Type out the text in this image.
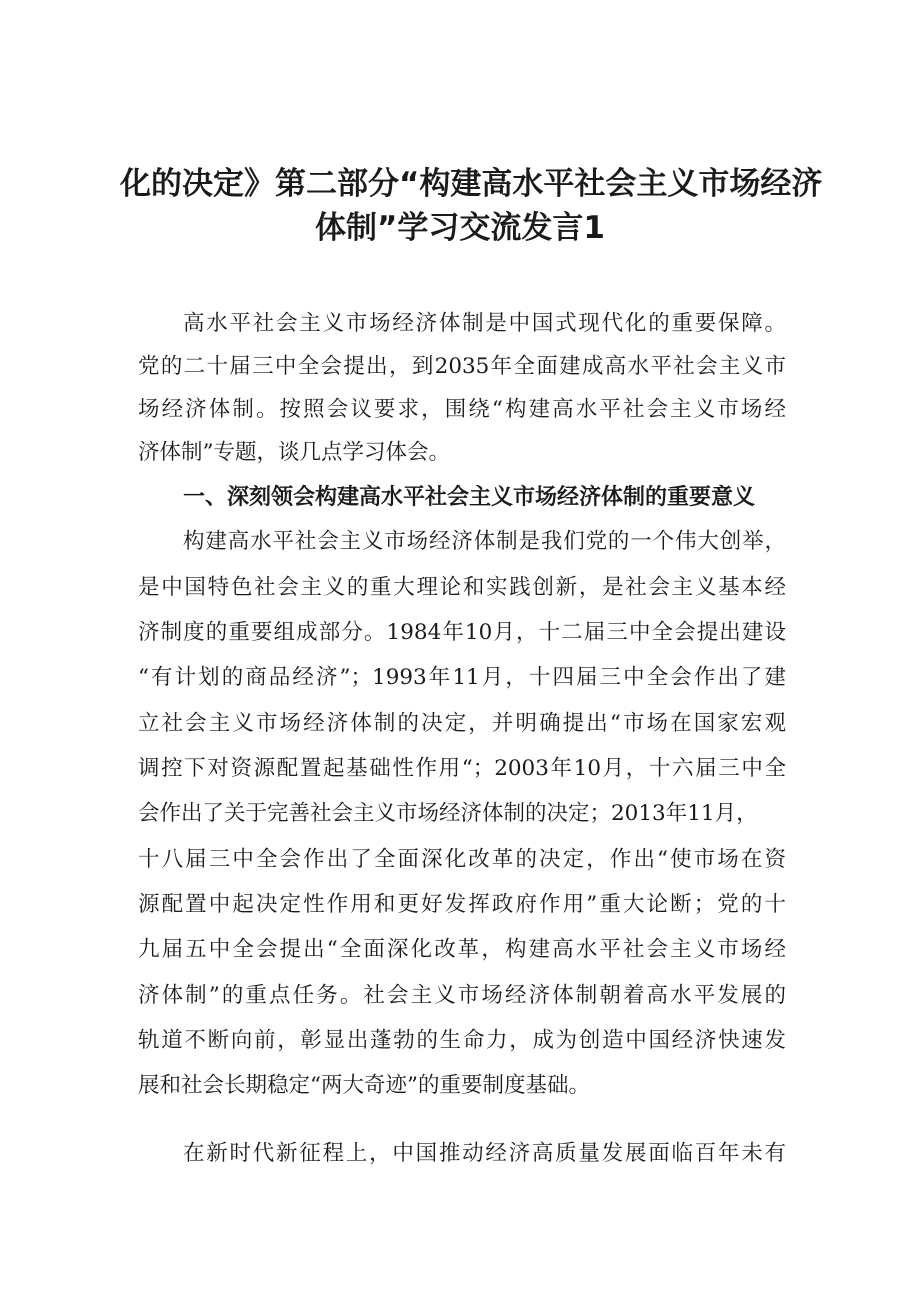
化的决定》第二部分“构建高水平社会主义市场经济
体制”学习交流发言1

高水平社会主义市场经济体制是中国式现代化的重要保障。

党的二十届三中全会提出，到2035年全面建成高水平社会主义市

场经济体制。按照会议要求，围绕“构建高水平社会主义市场经

济体制”专题，谈几点学习体会。

一、深刻领会构建高水平社会主义市场经济体制的重要意义

构建高水平社会主义市场经济体制是我们党的一个伟大创举，

是中国特色社会主义的重大理论和实践创新，是社会主义基本经

济制度的重要组成部分。1984年10月，十二届三中全会提出建设

“有计划的商品经济”；1993年11月，十四届三中全会作出了建

立社会主义市场经济体制的决定，并明确提出“市场在国家宏观

调控下对资源配置起基础性作用“；2003年10月，十六届三中全

会作出了关于完善社会主义市场经济体制的决定；2013年11月，

十八届三中全会作出了全面深化改革的决定，作出“使市场在资

源配置中起决定性作用和更好发挥政府作用”重大论断；党的十

九届五中全会提出“全面深化改革，构建高水平社会主义市场经

济体制”的重点任务。社会主义市场经济体制朝着高水平发展的

轨道不断向前，彰显出蓬勃的生命力，成为创造中国经济快速发

展和社会长期稳定“两大奇迹”的重要制度基础。

在新时代新征程上，中国推动经济高质量发展面临百年未有
